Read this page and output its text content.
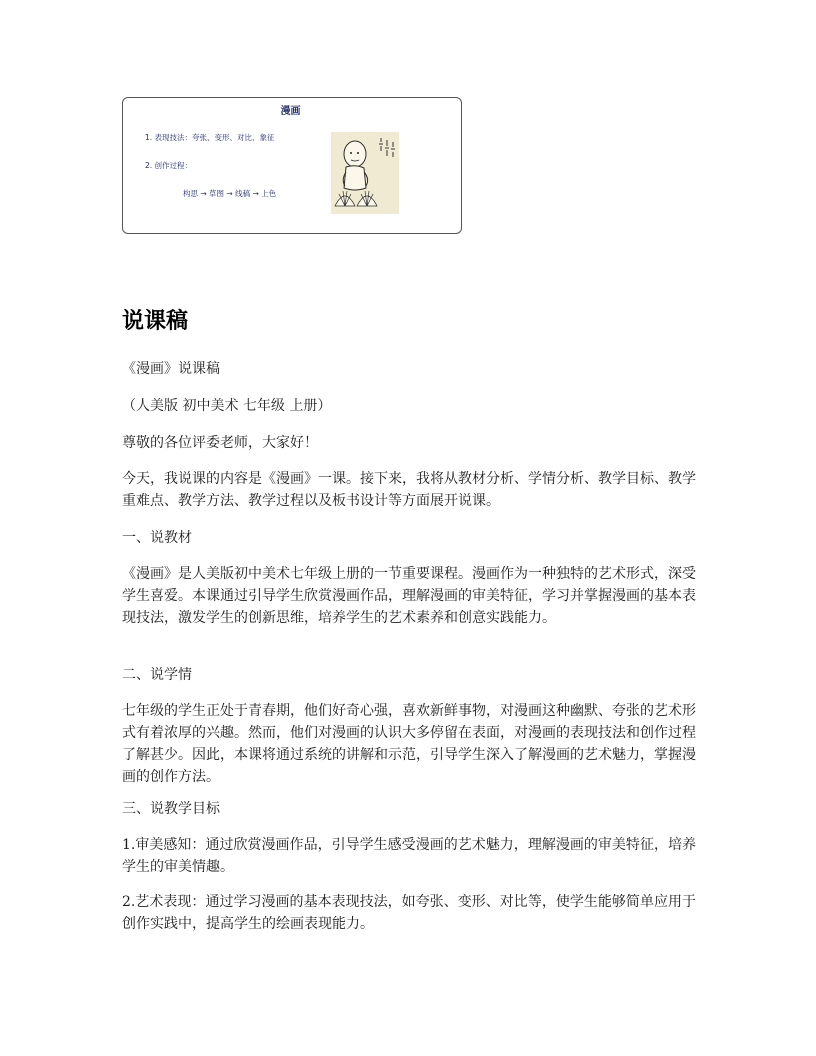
漫画
1. 表现技法：夸张、变形、对比、象征
2. 创作过程：
构思 → 草图 → 线稿 → 上色
说课稿

《漫画》说课稿

（人美版 初中美术 七年级 上册）

尊敬的各位评委老师，大家好！

今天，我说课的内容是《漫画》一课。接下来，我将从教材分析、学情分析、教学目标、教学重难点、教学方法、教学过程以及板书设计等方面展开说课。

一、说教材

《漫画》是人美版初中美术七年级上册的一节重要课程。漫画作为一种独特的艺术形式，深受学生喜爱。本课通过引导学生欣赏漫画作品，理解漫画的审美特征，学习并掌握漫画的基本表现技法，激发学生的创新思维，培养学生的艺术素养和创意实践能力。

二、说学情

七年级的学生正处于青春期，他们好奇心强，喜欢新鲜事物，对漫画这种幽默、夸张的艺术形式有着浓厚的兴趣。然而，他们对漫画的认识大多停留在表面，对漫画的表现技法和创作过程了解甚少。因此，本课将通过系统的讲解和示范，引导学生深入了解漫画的艺术魅力，掌握漫画的创作方法。

三、说教学目标

1.审美感知：通过欣赏漫画作品，引导学生感受漫画的艺术魅力，理解漫画的审美特征，培养学生的审美情趣。

2.艺术表现：通过学习漫画的基本表现技法，如夸张、变形、对比等，使学生能够简单应用于创作实践中，提高学生的绘画表现能力。
